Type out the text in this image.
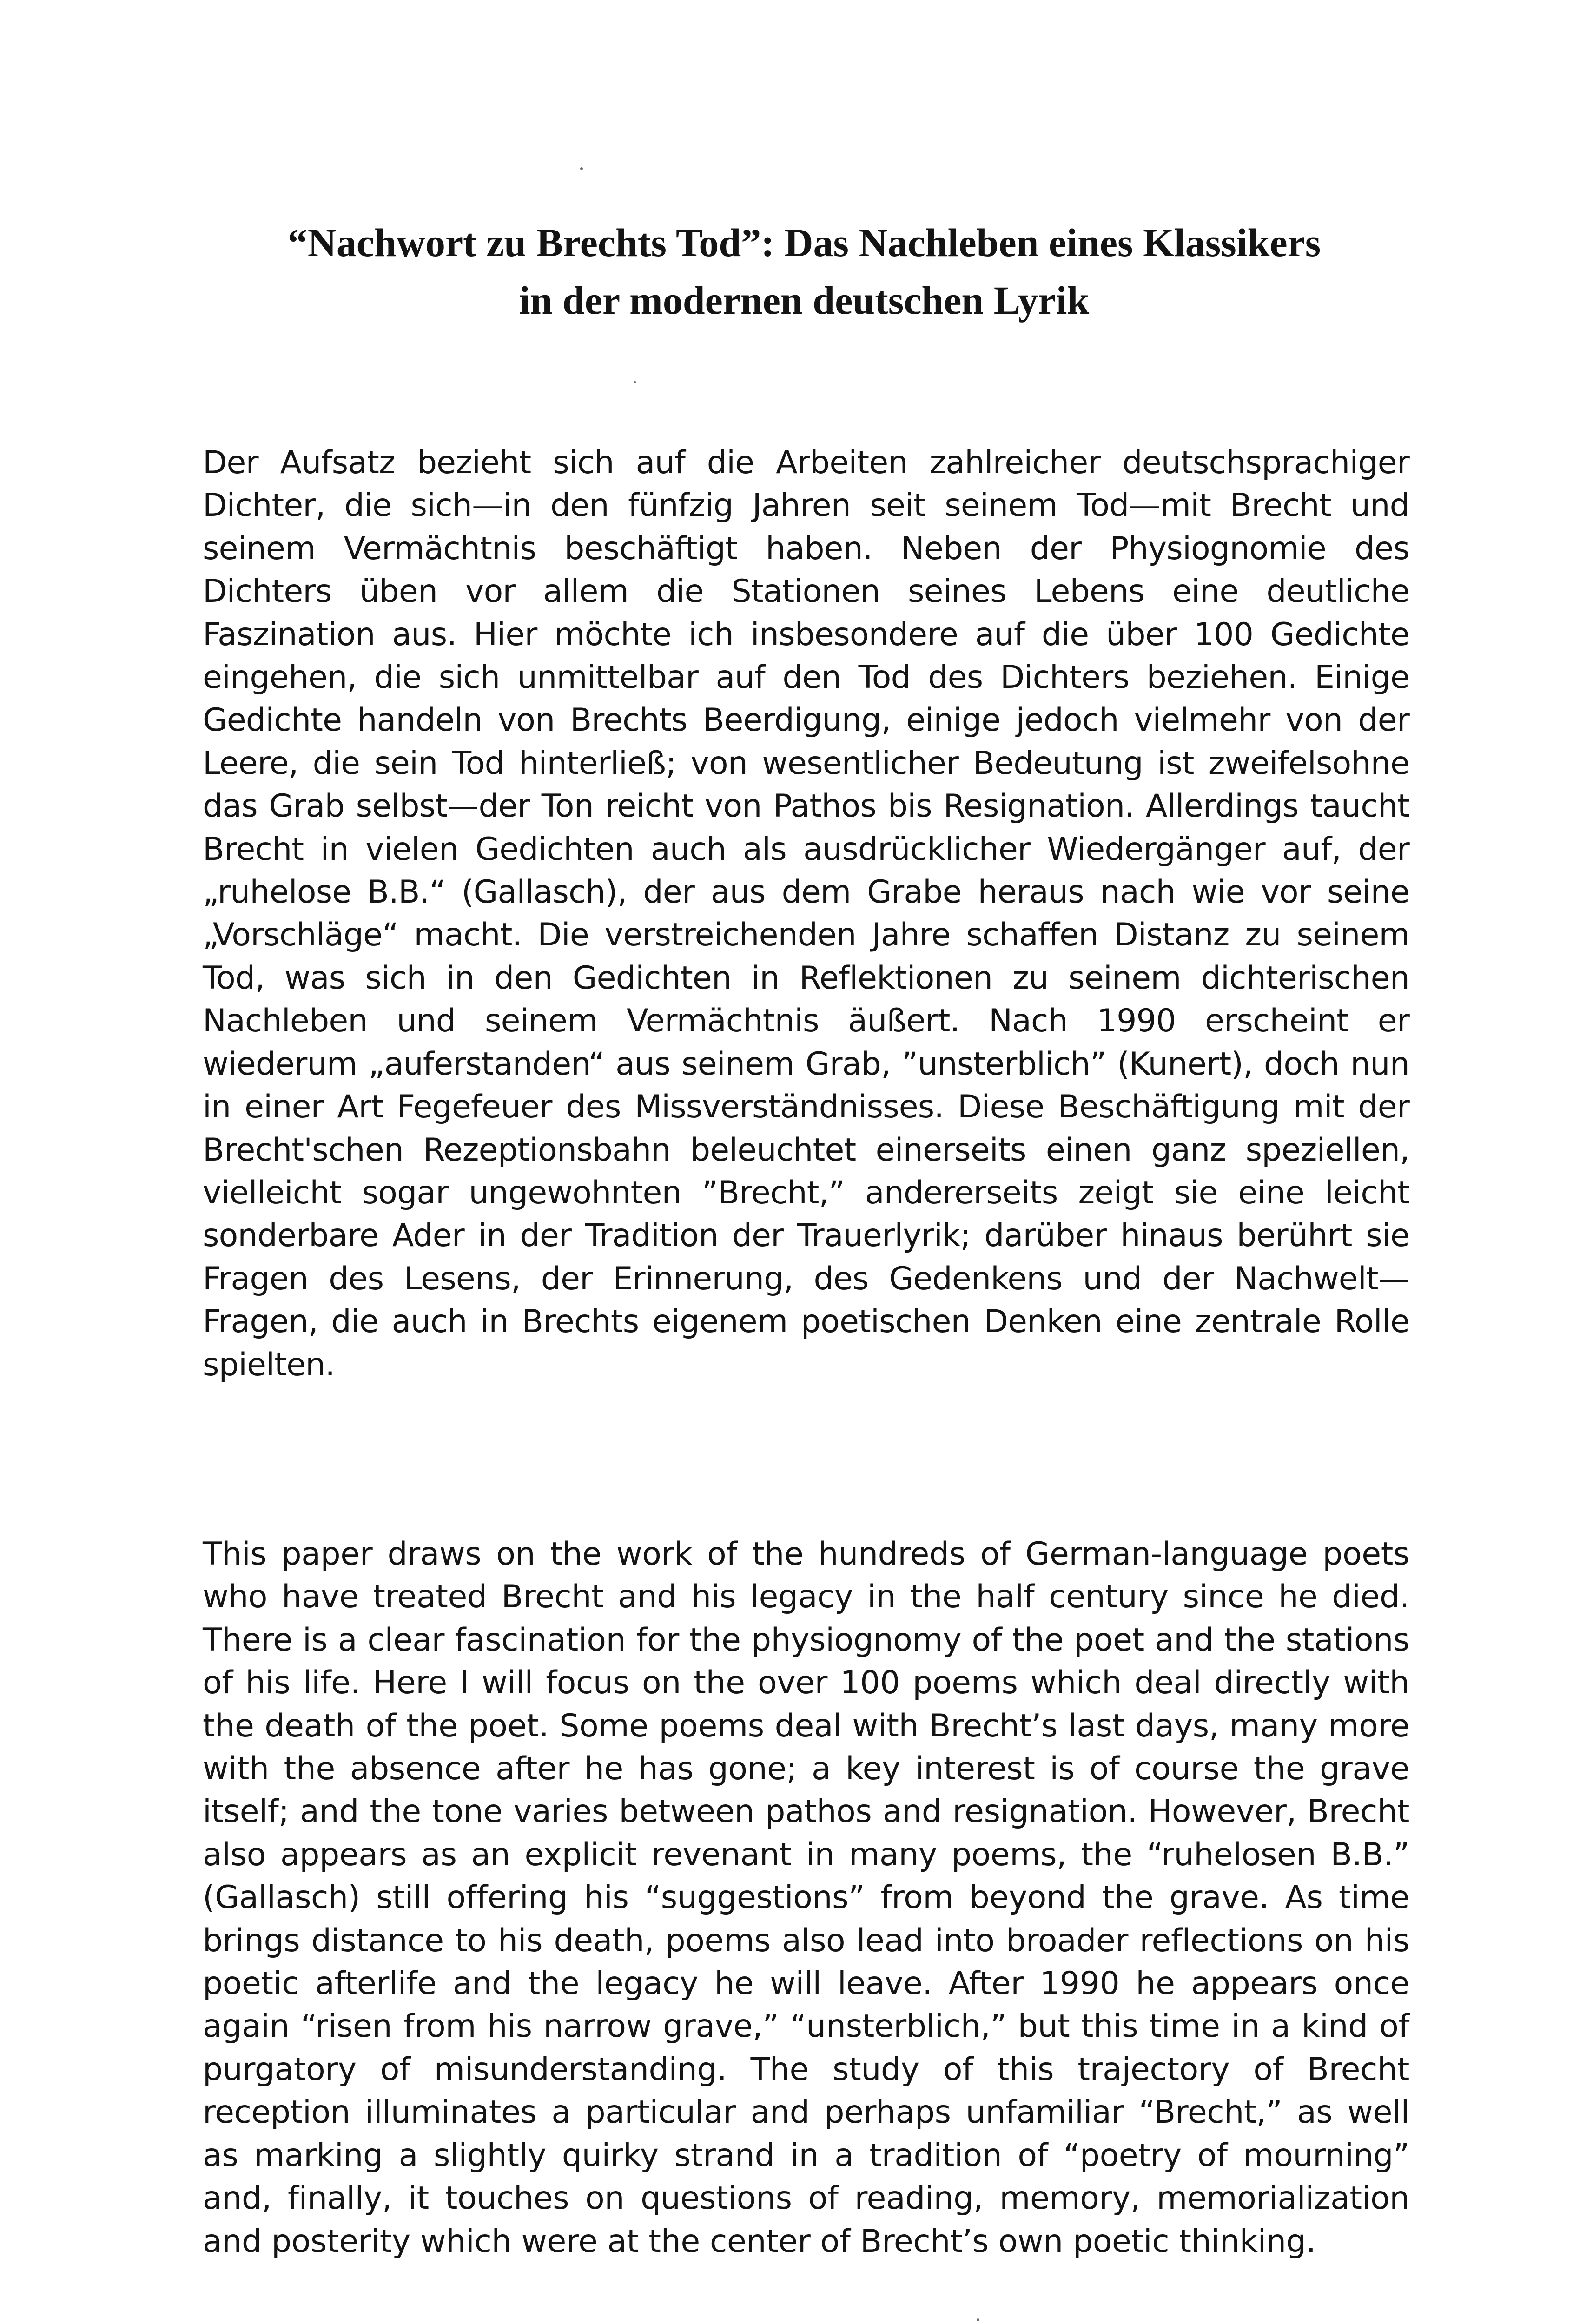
“Nachwort zu Brechts Tod”: Das Nachleben eines Klassikers
in der modernen deutschen Lyrik

Der Aufsatz bezieht sich auf die Arbeiten zahlreicher deutschsprachiger Dichter, die sich—in den fünfzig Jahren seit seinem Tod—mit Brecht und seinem Vermächtnis beschäftigt haben. Neben der Physiognomie des Dichters üben vor allem die Stationen seines Lebens eine deutliche Faszination aus. Hier möchte ich insbesondere auf die über 100 Gedichte eingehen, die sich unmittelbar auf den Tod des Dichters beziehen. Einige Gedichte handeln von Brechts Beerdigung, einige jedoch vielmehr von der Leere, die sein Tod hinterließ; von wesentlicher Bedeutung ist zweifelsohne das Grab selbst—der Ton reicht von Pathos bis Resignation. Allerdings taucht Brecht in vielen Gedichten auch als ausdrücklicher Wiedergänger auf, der „ruhelose B.B.“ (Gallasch), der aus dem Grabe heraus nach wie vor seine „Vorschläge“ macht. Die verstreichenden Jahre schaffen Distanz zu seinem Tod, was sich in den Gedichten in Reflektionen zu seinem dichterischen Nachleben und seinem Vermächtnis äußert. Nach 1990 erscheint er wiederum „auferstanden“ aus seinem Grab, ”unsterblich” (Kunert), doch nun in einer Art Fegefeuer des Missverständnisses. Diese Beschäftigung mit der Brecht'schen Rezeptionsbahn beleuchtet einerseits einen ganz speziellen, vielleicht sogar ungewohnten ”Brecht,” andererseits zeigt sie eine leicht sonderbare Ader in der Tradition der Trauerlyrik; darüber hinaus berührt sie Fragen des Lesens, der Erinnerung, des Gedenkens und der Nachwelt—Fragen, die auch in Brechts eigenem poetischen Denken eine zentrale Rolle spielten.

This paper draws on the work of the hundreds of German-language poets who have treated Brecht and his legacy in the half century since he died. There is a clear fascination for the physiognomy of the poet and the stations of his life. Here I will focus on the over 100 poems which deal directly with the death of the poet. Some poems deal with Brecht’s last days, many more with the absence after he has gone; a key interest is of course the grave itself; and the tone varies between pathos and resignation. However, Brecht also appears as an explicit revenant in many poems, the “ruhelosen B.B.” (Gallasch) still offering his “suggestions” from beyond the grave. As time brings distance to his death, poems also lead into broader reflections on his poetic afterlife and the legacy he will leave. After 1990 he appears once again “risen from his narrow grave,” “unsterblich,” but this time in a kind of purgatory of misunderstanding. The study of this trajectory of Brecht reception illuminates a particular and perhaps unfamiliar “Brecht,” as well as marking a slightly quirky strand in a tradition of “poetry of mourning” and, finally, it touches on questions of reading, memory, memorialization and posterity which were at the center of Brecht’s own poetic thinking.
